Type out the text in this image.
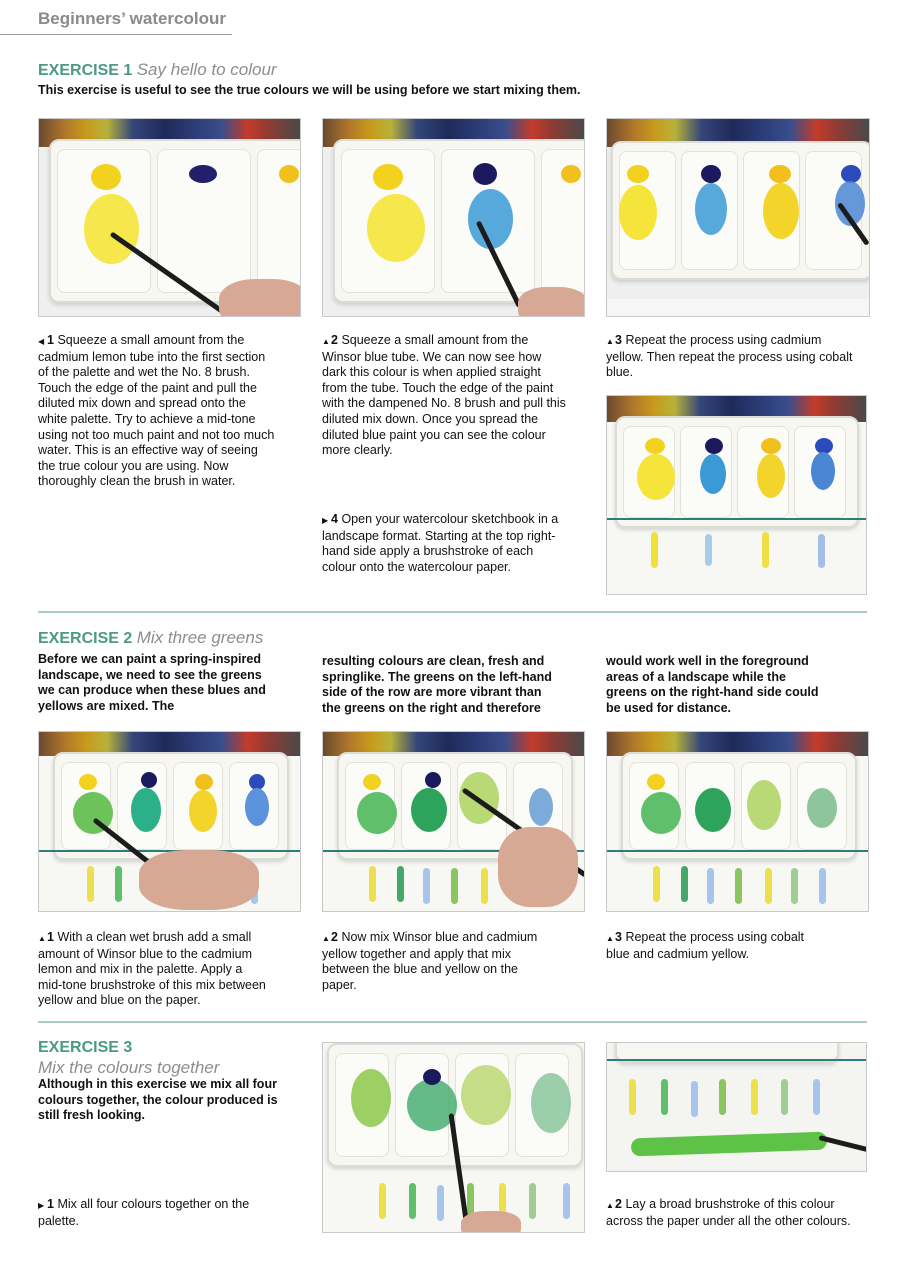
Beginners’ watercolour
EXERCISE 1 Say hello to colour
This exercise is useful to see the true colours we will be using before we start mixing them.
◀ 1 Squeeze a small amount from the cadmium lemon tube into the first section of the palette and wet the No. 8 brush. Touch the edge of the paint and pull the diluted mix down and spread onto the white palette. Try to achieve a mid-tone using not too much paint and not too much water. This is an effective way of seeing the true colour you are using. Now thoroughly clean the brush in water.
▲2 Squeeze a small amount from the Winsor blue tube. We can now see how dark this colour is when applied straight from the tube. Touch the edge of the paint with the dampened No. 8 brush and pull this diluted mix down. Once you spread the diluted blue paint you can see the colour more clearly.
▲3 Repeat the process using cadmium yellow. Then repeat the process using cobalt blue.
▶ 4 Open your watercolour sketchbook in a landscape format. Starting at the top right-hand side apply a brushstroke of each colour onto the watercolour paper.
EXERCISE 2 Mix three greens
Before we can paint a spring-inspired landscape, we need to see the greens we can produce when these blues and yellows are mixed. The
resulting colours are clean, fresh and springlike. The greens on the left-hand side of the row are more vibrant than the greens on the right and therefore
would work well in the foreground areas of a landscape while the greens on the right-hand side could be used for distance.
▲1 With a clean wet brush add a small amount of Winsor blue to the cadmium lemon and mix in the palette. Apply a mid-tone brushstroke of this mix between yellow and blue on the paper.
▲2 Now mix Winsor blue and cadmium yellow together and apply that mix between the blue and yellow on the paper.
▲3 Repeat the process using cobalt blue and cadmium yellow.
EXERCISE 3
Mix the colours together
Although in this exercise we mix all four colours together, the colour produced is still fresh looking.
▶ 1 Mix all four colours together on the palette.
▲2 Lay a broad brushstroke of this colour across the paper under all the other colours.
